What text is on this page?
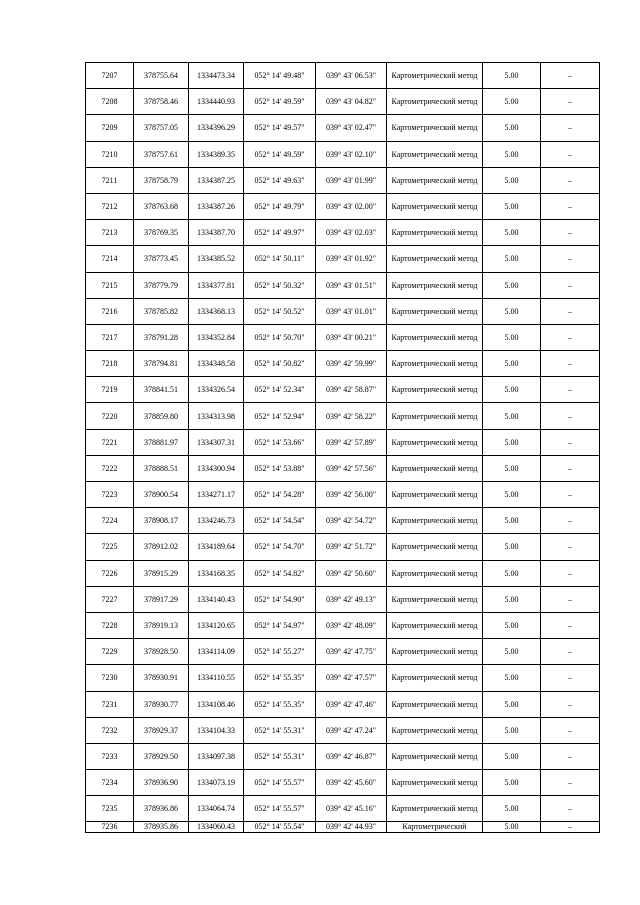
7207	378755.64	1334473.34	052° 14' 49.48"	039° 43' 06.53"	Картометрический метод	5.00	–
7208	378758.46	1334440.93	052° 14' 49.59"	039° 43' 04.82"	Картометрический метод	5.00	–
7209	378757.05	1334396.29	052° 14' 49.57"	039° 43' 02.47"	Картометрический метод	5.00	–
7210	378757.61	1334389.35	052° 14' 49.59"	039° 43' 02.10"	Картометрический метод	5.00	–
7211	378758.79	1334387.25	052° 14' 49.63"	039° 43' 01.99"	Картометрический метод	5.00	–
7212	378763.68	1334387.26	052° 14' 49.79"	039° 43' 02.00"	Картометрический метод	5.00	–
7213	378769.35	1334387.70	052° 14' 49.97"	039° 43' 02.03"	Картометрический метод	5.00	–
7214	378773.45	1334385.52	052° 14' 50.11"	039° 43' 01.92"	Картометрический метод	5.00	–
7215	378779.79	1334377.81	052° 14' 50.32"	039° 43' 01.51"	Картометрический метод	5.00	–
7216	378785.82	1334368.13	052° 14' 50.52"	039° 43' 01.01"	Картометрический метод	5.00	–
7217	378791.28	1334352.84	052° 14' 50.70"	039° 43' 00.21"	Картометрический метод	5.00	–
7218	378794.81	1334348.58	052° 14' 50.82"	039° 42' 59.99"	Картометрический метод	5.00	–
7219	378841.51	1334326.54	052° 14' 52.34"	039° 42' 58.87"	Картометрический метод	5.00	–
7220	378859.80	1334313.98	052° 14' 52.94"	039° 42' 58.22"	Картометрический метод	5.00	–
7221	378881.97	1334307.31	052° 14' 53.66"	039° 42' 57.89"	Картометрический метод	5.00	–
7222	378888.51	1334300.94	052° 14' 53.88"	039° 42' 57.56"	Картометрический метод	5.00	–
7223	378900.54	1334271.17	052° 14' 54.28"	039° 42' 56.00"	Картометрический метод	5.00	–
7224	378908.17	1334246.73	052° 14' 54.54"	039° 42' 54.72"	Картометрический метод	5.00	–
7225	378912.02	1334189.64	052° 14' 54.70"	039° 42' 51.72"	Картометрический метод	5.00	–
7226	378915.29	1334168.35	052° 14' 54.82"	039° 42' 50.60"	Картометрический метод	5.00	–
7227	378917.29	1334140.43	052° 14' 54.90"	039° 42' 49.13"	Картометрический метод	5.00	–
7228	378919.13	1334120.65	052° 14' 54.97"	039° 42' 48.09"	Картометрический метод	5.00	–
7229	378928.50	1334114.09	052° 14' 55.27"	039° 42' 47.75"	Картометрический метод	5.00	–
7230	378930.91	1334110.55	052° 14' 55.35"	039° 42' 47.57"	Картометрический метод	5.00	–
7231	378930.77	1334108.46	052° 14' 55.35"	039° 42' 47.46"	Картометрический метод	5.00	–
7232	378929.37	1334104.33	052° 14' 55.31"	039° 42' 47.24"	Картометрический метод	5.00	–
7233	378929.50	1334097.38	052° 14' 55.31"	039° 42' 46.87"	Картометрический метод	5.00	–
7234	378936.90	1334073.19	052° 14' 55.57"	039° 42' 45.60"	Картометрический метод	5.00	–
7235	378936.86	1334064.74	052° 14' 55.57"	039° 42' 45.16"	Картометрический метод	5.00	–
7236	378935.86	1334060.43	052° 14' 55.54"	039° 42' 44.93"	Картометрический	5.00	–
